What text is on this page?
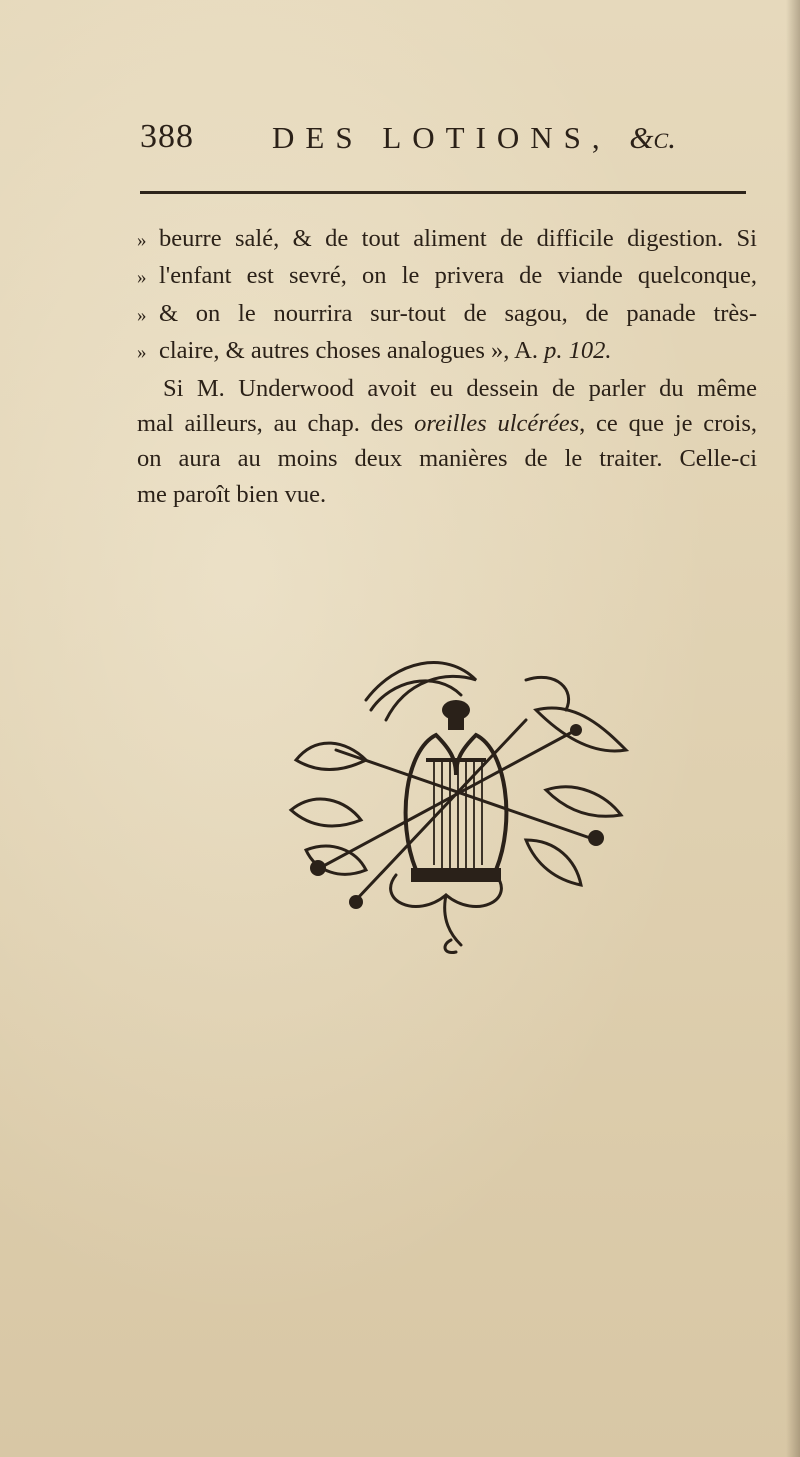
388	DES LOTIONS, &c.
» beurre salé, & de tout aliment de difficile digestion. Si
» l'enfant est sevré, on le privera de viande quelconque,
» & on le nourrira sur-tout de sagou, de panade très-
» claire, & autres choses analogues », A. p. 102.
Si M. Underwood avoit eu dessein de parler du même
mal ailleurs, au chap. des oreilles ulcérées, ce que je crois,
on aura au moins deux manières de le traiter. Celle-ci
me paroît bien vue.
